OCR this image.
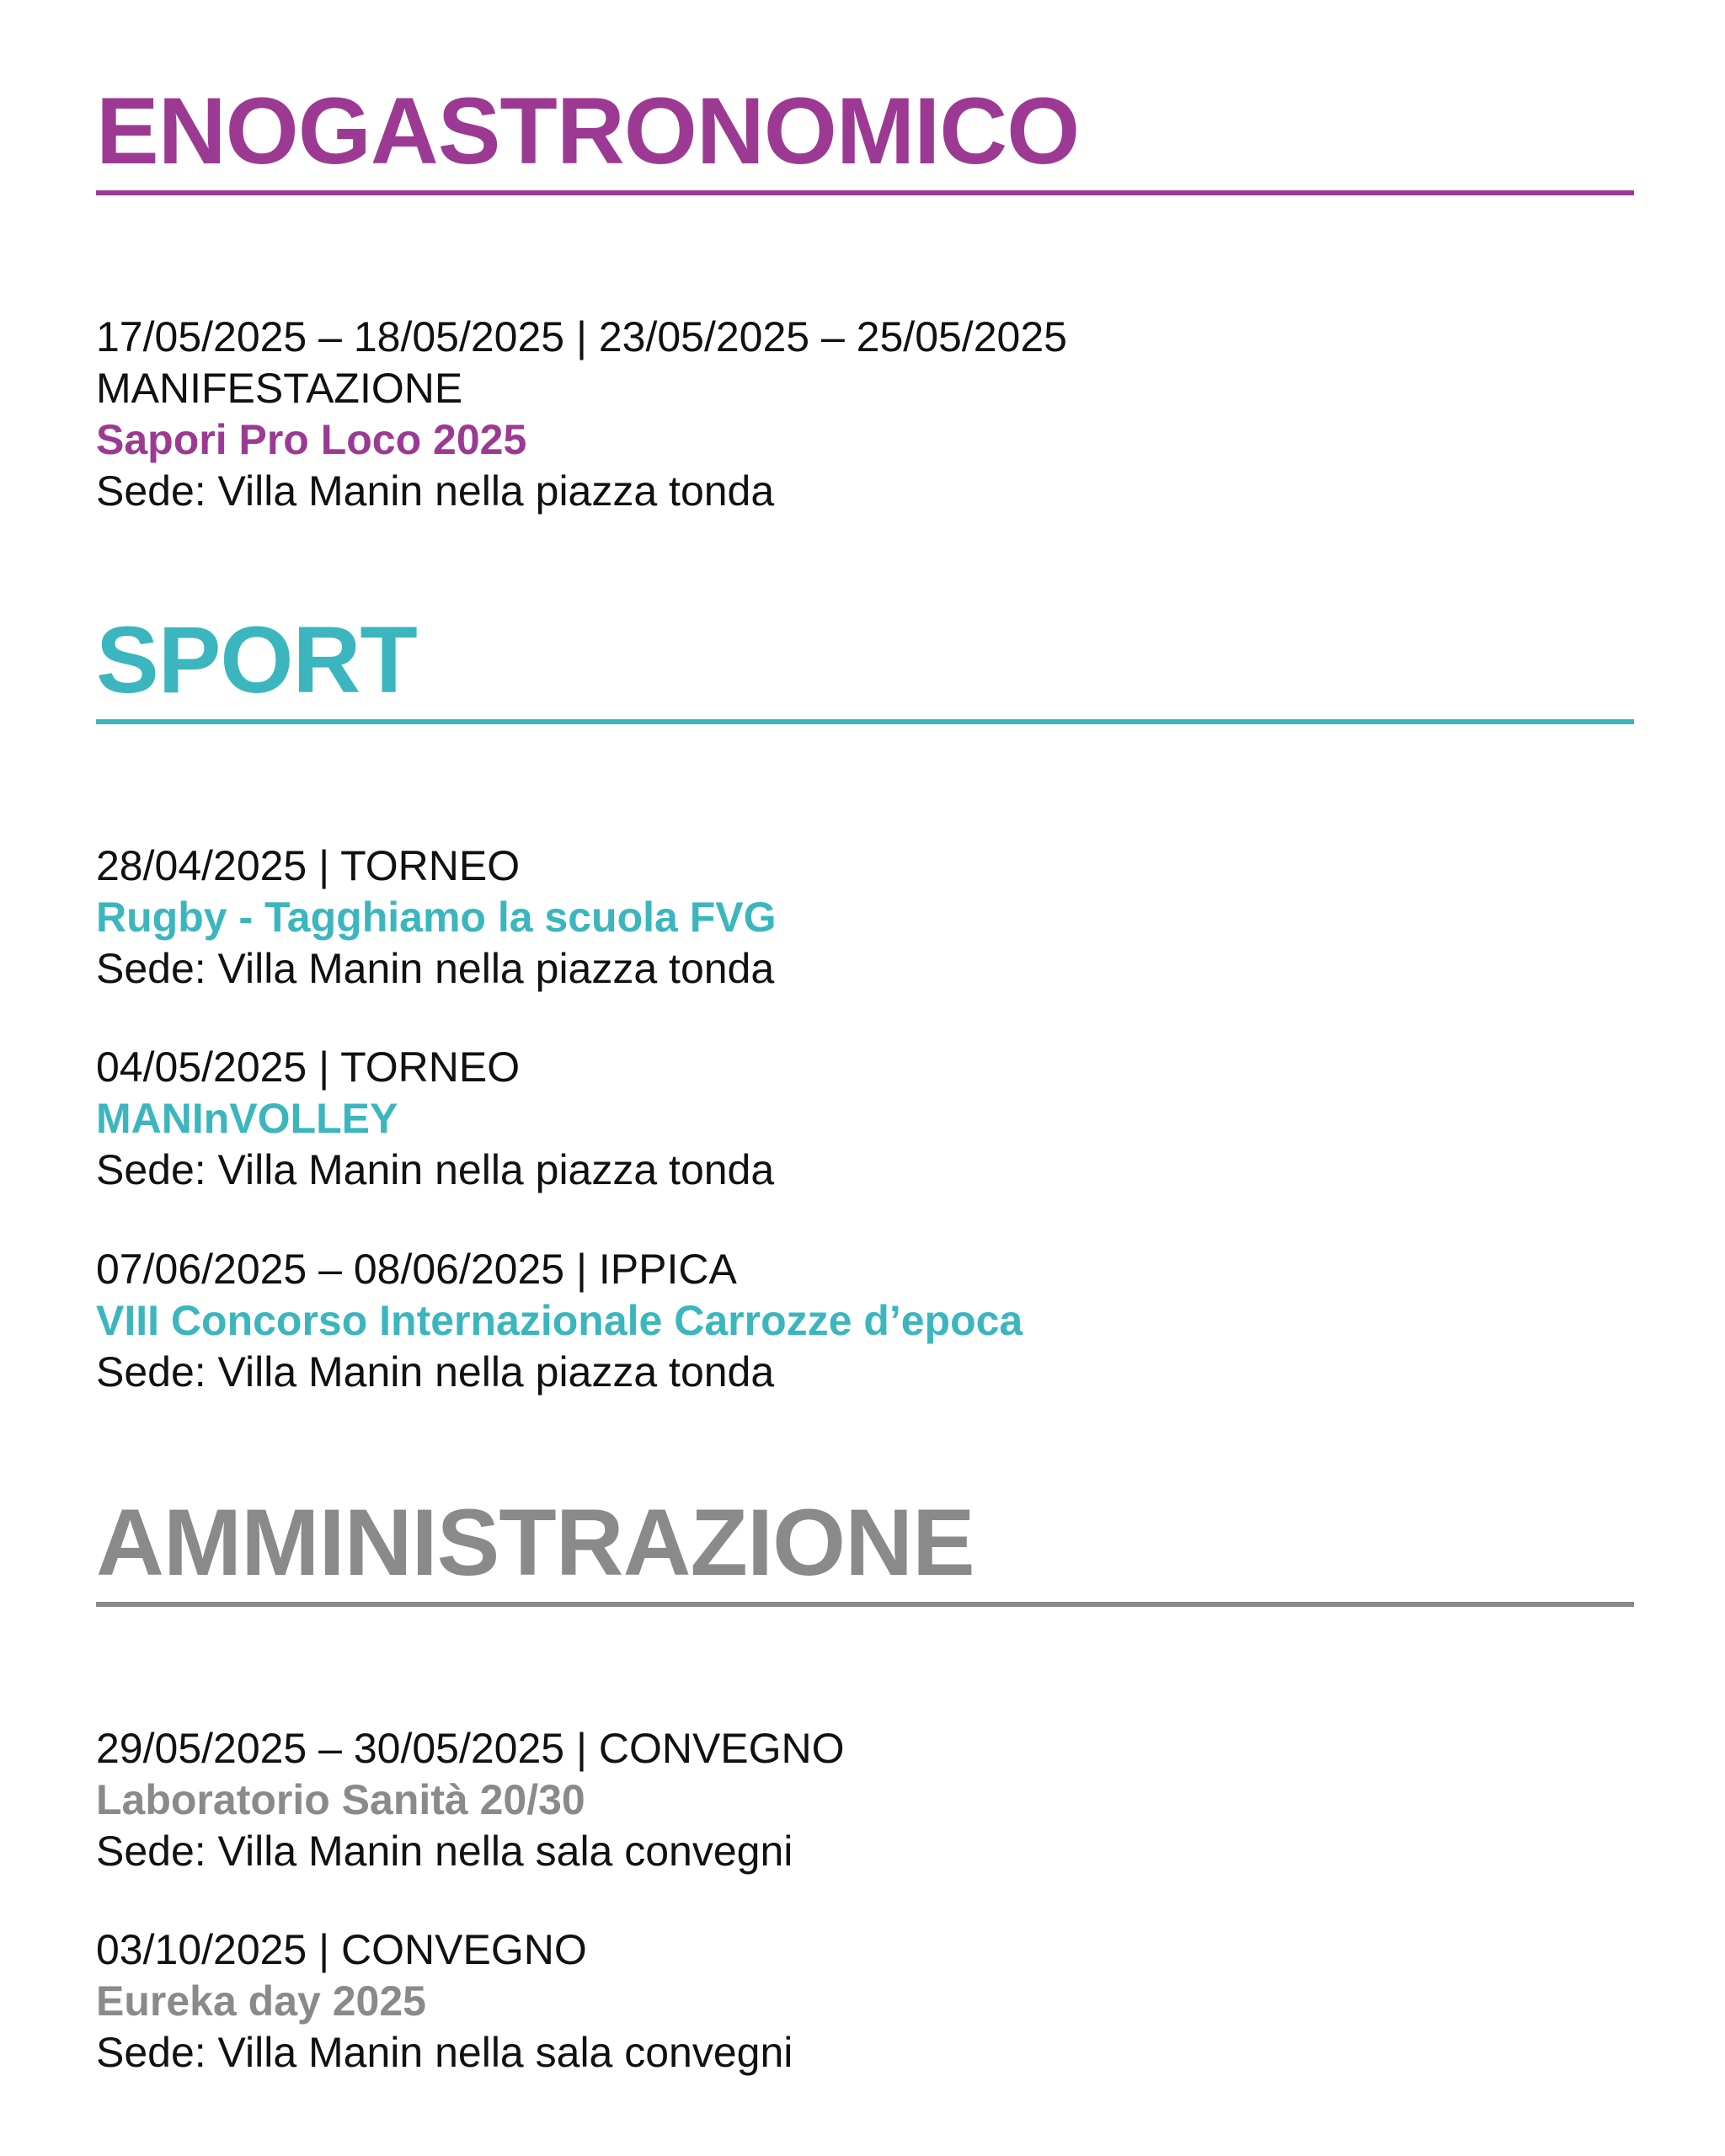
ENOGASTRONOMICO
17/05/2025 – 18/05/2025 | 23/05/2025 – 25/05/2025
MANIFESTAZIONE
Sapori Pro Loco 2025
Sede: Villa Manin nella piazza tonda
SPORT
28/04/2025 | TORNEO
Rugby - Tagghiamo la scuola FVG
Sede: Villa Manin nella piazza tonda
04/05/2025 | TORNEO
MANInVOLLEY
Sede: Villa Manin nella piazza tonda
07/06/2025 – 08/06/2025 | IPPICA
VIII Concorso Internazionale Carrozze d’epoca
Sede: Villa Manin nella piazza tonda
AMMINISTRAZIONE
29/05/2025 – 30/05/2025 | CONVEGNO
Laboratorio Sanità 20/30
Sede: Villa Manin nella sala convegni
03/10/2025 | CONVEGNO
Eureka day 2025
Sede: Villa Manin nella sala convegni
